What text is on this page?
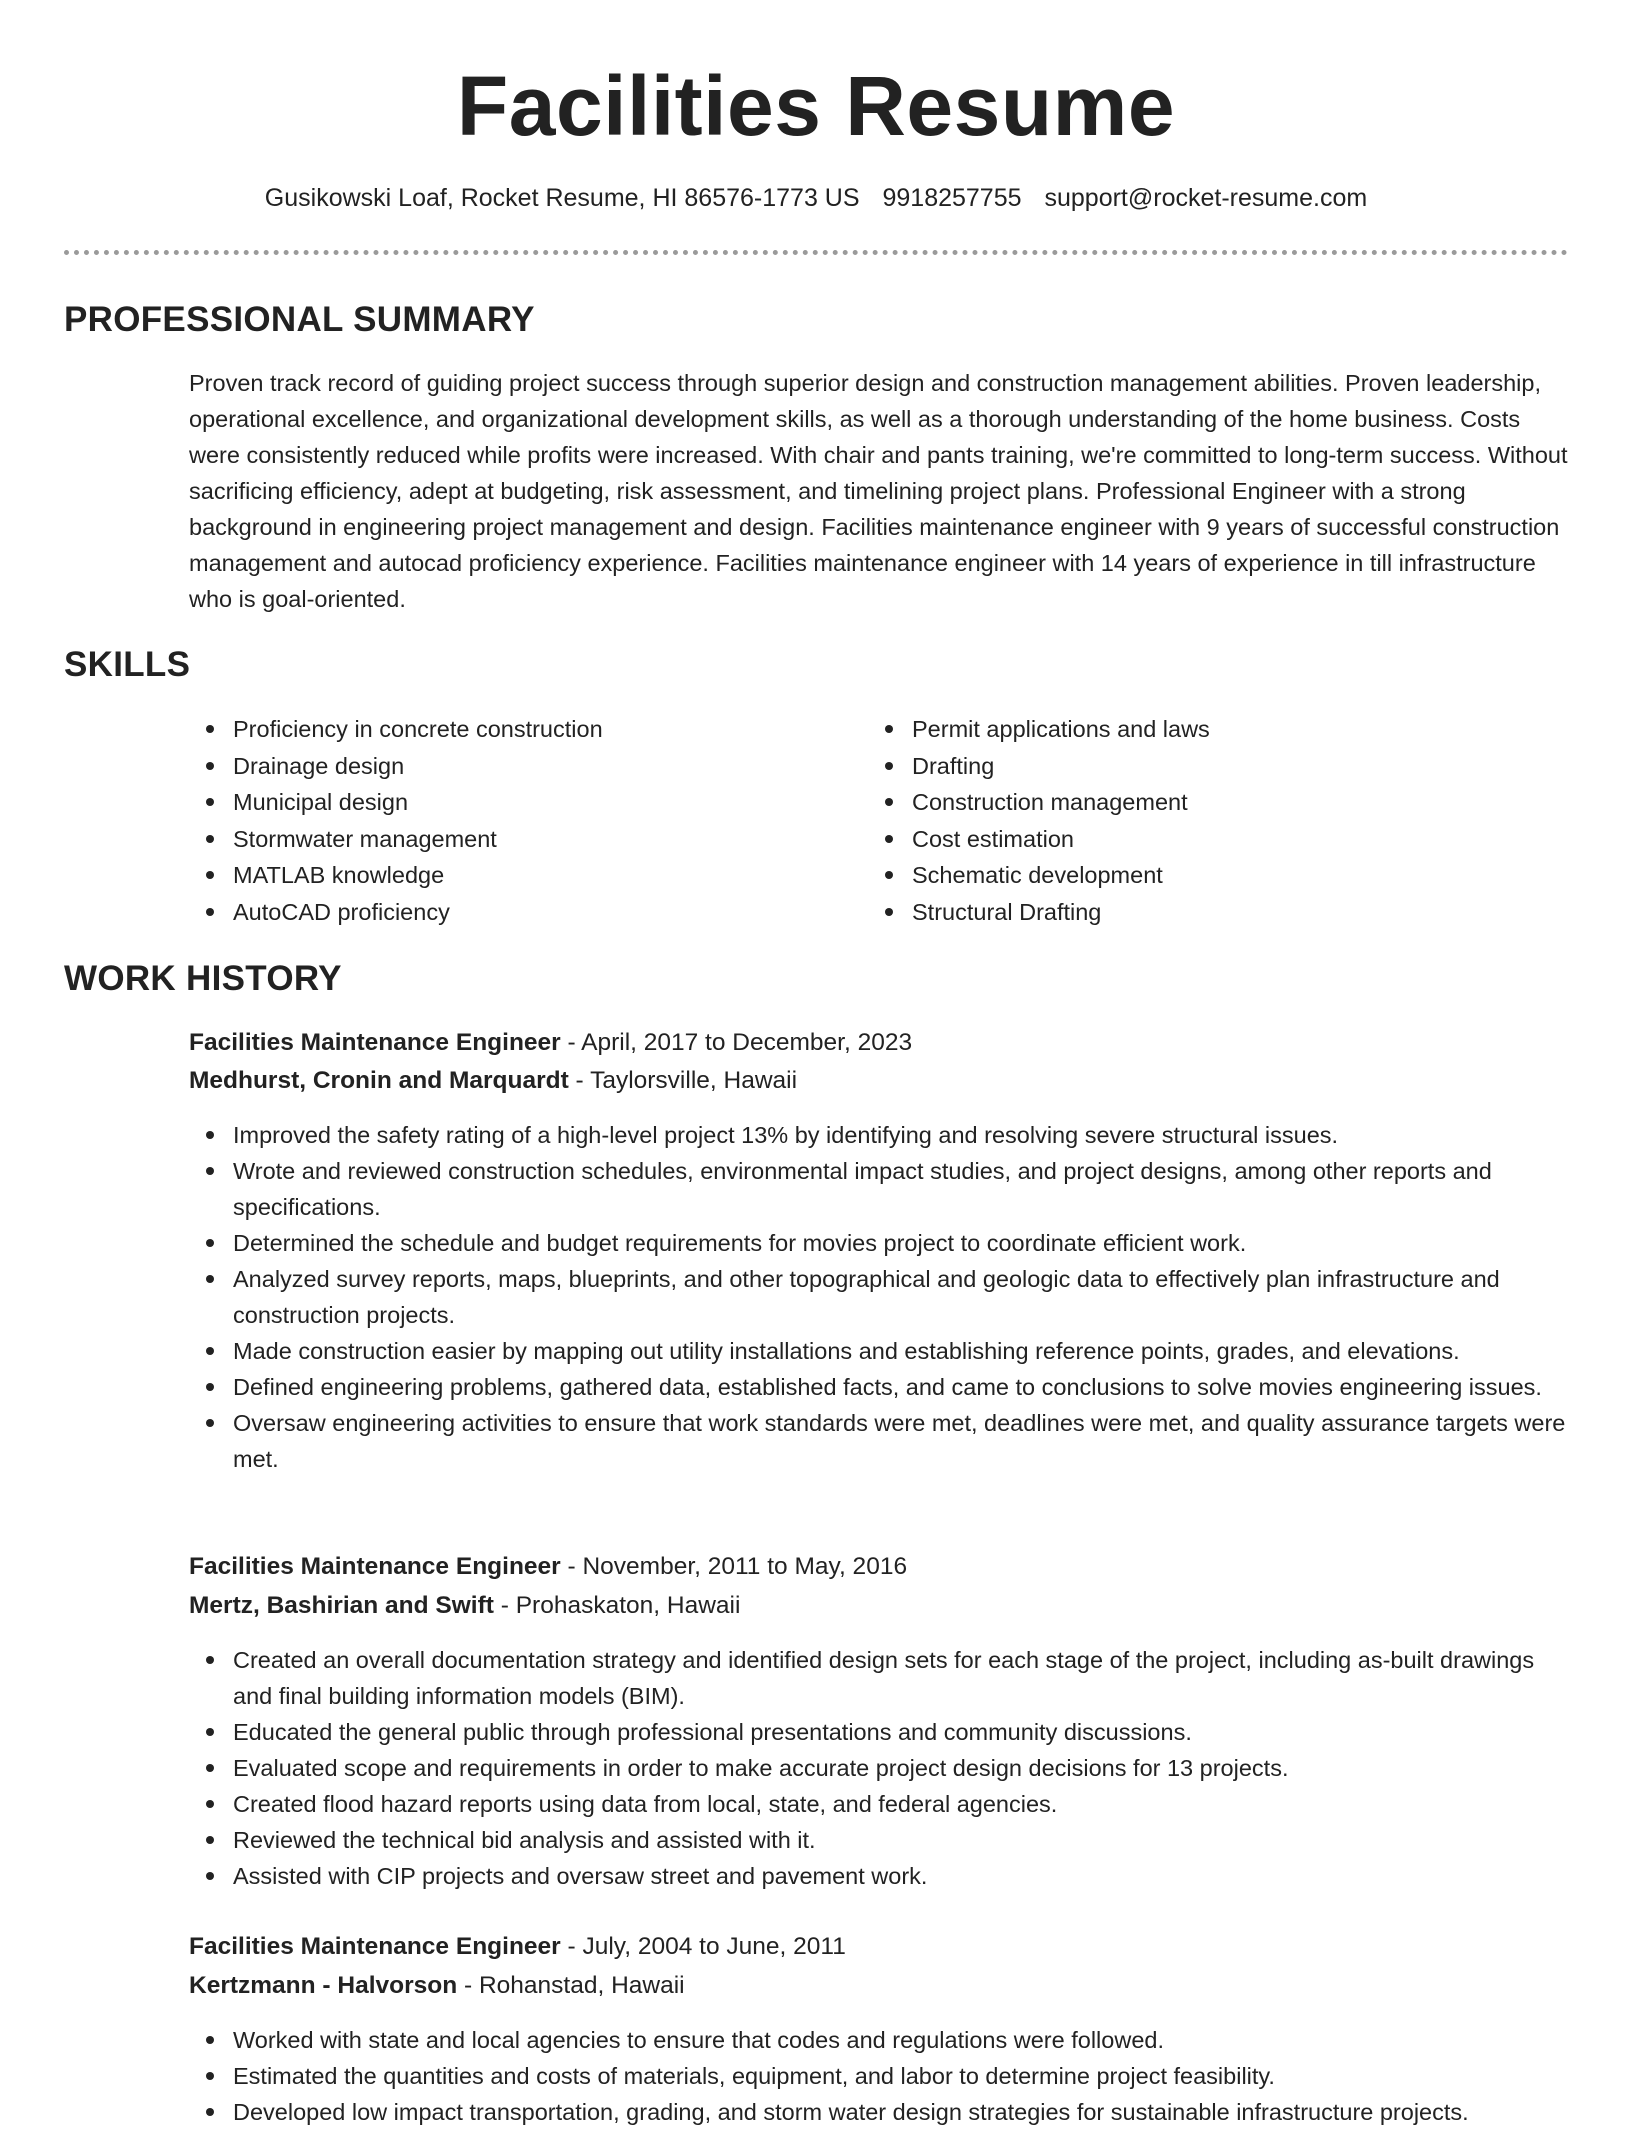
Facilities Resume
Gusikowski Loaf, Rocket Resume, HI 86576-1773 US 9918257755 support@rocket-resume.com
PROFESSIONAL SUMMARY

Proven track record of guiding project success through superior design and construction management abilities. Proven leadership, operational excellence, and organizational development skills, as well as a thorough understanding of the home business. Costs were consistently reduced while profits were increased. With chair and pants training, we're committed to long-term success. Without sacrificing efficiency, adept at budgeting, risk assessment, and timelining project plans. Professional Engineer with a strong background in engineering project management and design. Facilities maintenance engineer with 9 years of successful construction management and autocad proficiency experience. Facilities maintenance engineer with 14 years of experience in till infrastructure who is goal-oriented.

SKILLS
Proficiency in concrete construction
Drainage design
Municipal design
Stormwater management
MATLAB knowledge
AutoCAD proficiency
Permit applications and laws
Drafting
Construction management
Cost estimation
Schematic development
Structural Drafting
WORK HISTORY
Facilities Maintenance Engineer - April, 2017 to December, 2023
Medhurst, Cronin and Marquardt - Taylorsville, Hawaii
Improved the safety rating of a high-level project 13% by identifying and resolving severe structural issues.
Wrote and reviewed construction schedules, environmental impact studies, and project designs, among other reports and specifications.
Determined the schedule and budget requirements for movies project to coordinate efficient work.
Analyzed survey reports, maps, blueprints, and other topographical and geologic data to effectively plan infrastructure and construction projects.
Made construction easier by mapping out utility installations and establishing reference points, grades, and elevations.
Defined engineering problems, gathered data, established facts, and came to conclusions to solve movies engineering issues.
Oversaw engineering activities to ensure that work standards were met, deadlines were met, and quality assurance targets were met.
Facilities Maintenance Engineer - November, 2011 to May, 2016
Mertz, Bashirian and Swift - Prohaskaton, Hawaii
Created an overall documentation strategy and identified design sets for each stage of the project, including as-built drawings and final building information models (BIM).
Educated the general public through professional presentations and community discussions.
Evaluated scope and requirements in order to make accurate project design decisions for 13 projects.
Created flood hazard reports using data from local, state, and federal agencies.
Reviewed the technical bid analysis and assisted with it.
Assisted with CIP projects and oversaw street and pavement work.
Facilities Maintenance Engineer - July, 2004 to June, 2011
Kertzmann - Halvorson - Rohanstad, Hawaii
Worked with state and local agencies to ensure that codes and regulations were followed.
Estimated the quantities and costs of materials, equipment, and labor to determine project feasibility.
Developed low impact transportation, grading, and storm water design strategies for sustainable infrastructure projects.
